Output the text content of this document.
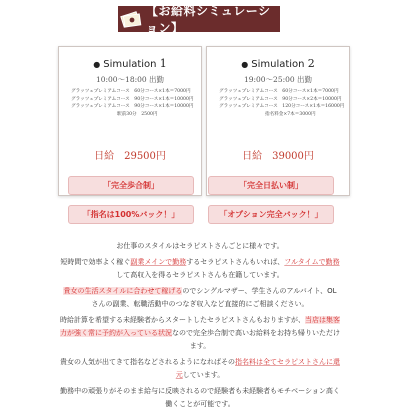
【お給料シミュレーション】
● Simulation 1
10:00～18:00 出勤
グラッツェプレミアムコース　60分コース×1本＝7000円
グラッツェプレミアムコース　90分コース×1本＝10000円
グラッツェプレミアムコース　90分コース×1本＝10000円
駅前30分　2500円
日給　29500円
● Simulation 2
19:00～25:00 出勤
グラッツェプレミアムコース　60分コース×1本＝7000円
グラッツェプレミアムコース　90分コース×2本＝10000円
グラッツェプレミアムコース　120分コース×1本＝16000円
指名料金×7本＝3000円
日給　39000円
「完全歩合制」	「完全日払い制」
「指名は100%バック！」	「オプション完全バック！」

お仕事のスタイルはセラピストさんごとに様々です。

短時間で効率よく稼ぐ副業メインで勤務するセラピストさんもいれば、フルタイムで勤務して高収入を得るセラピストさんも在籍しています。

貴女の生活スタイルに合わせて稼げるのでシングルマザー、学生さんのアルバイト、OLさんの副業、転職活動中のつなぎ収入など直接的にご相談ください。

時給計算を希望する未経験者からスタートしたセラピストさんもおりますが、当店は集客力が強く常に予約が入っている状況なので完全歩合制で高いお給料をお持ち帰りいただけます。

貴女の人気が出てきて指名などされるようになればその指名料は全てセラピストさんに還元しています。

勤務中の頑張りがそのまま給与に反映されるので経験者も未経験者もモチベーション高く働くことが可能です。
